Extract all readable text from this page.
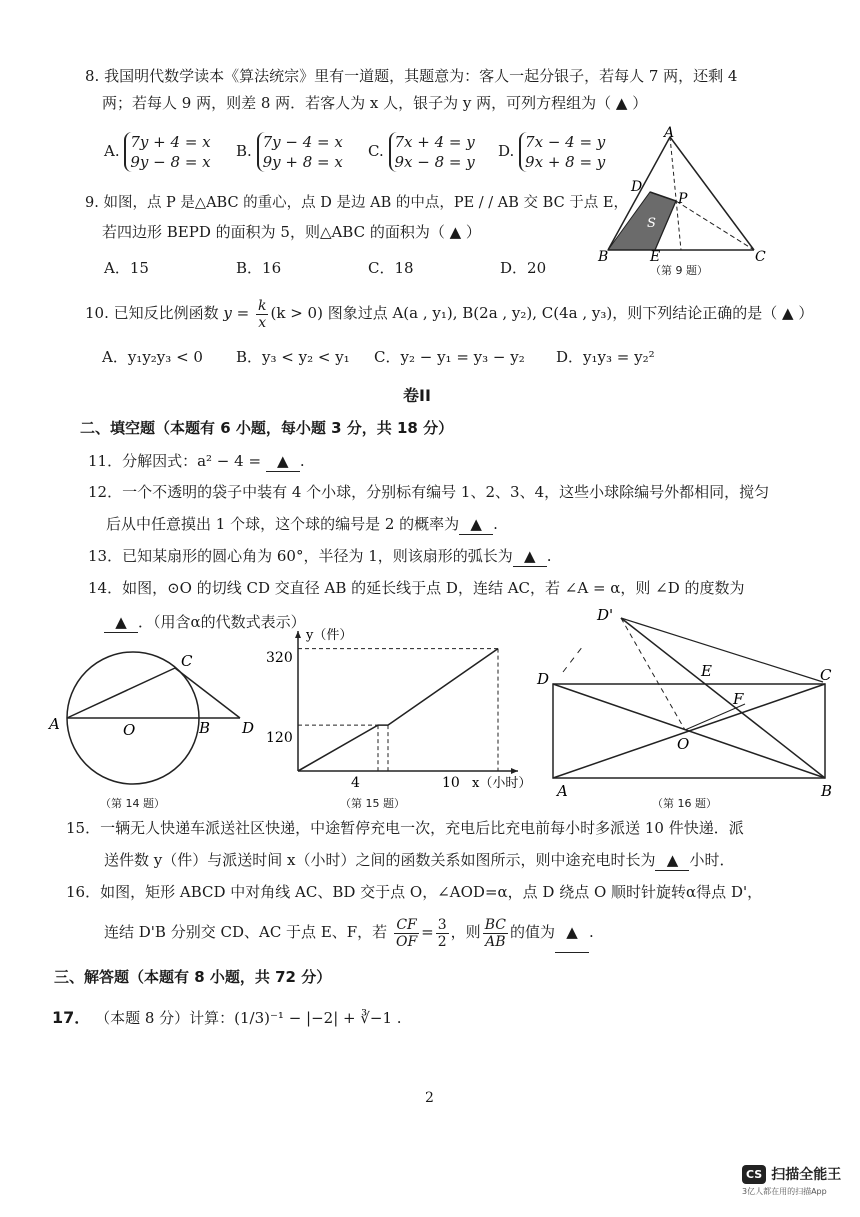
8. 我国明代数学读本《算法统宗》里有一道题，其题意为：客人一起分银子，若每人 7 两，还剩 4
两；若每人 9 两，则差 8 两．若客人为 x 人，银子为 y 两，可列方程组为（ ▲ ）
A. 7y + 4 = x
9y − 8 = x
B. 7y − 4 = x
9y + 8 = x
C. 7x + 4 = y
9x − 8 = y
D. 7x − 4 = y
9x + 8 = y
9. 如图，点 P 是△ABC 的重心，点 D 是边 AB 的中点，PE / / AB 交 BC 于点 E，
若四边形 BEPD 的面积为 5，则△ABC 的面积为（ ▲ ）
A．15	B．16	C．18	D．20
A
D
P
B	E	C
S
（第 9 题）
10. 已知反比例函数 $y = \frac{k}{x} (k > 0)$ 图象过点 A(a , y₁), B(2a , y₂), C(4a , y₃)，则下列结论正确的是（ ▲ ）
A．y₁y₂y₃ < 0 B．y₃ < y₂ < y₁ C．y₂ − y₁ = y₃ − y₂ D．y₁y₃ = y₂²
卷II
二、填空题（本题有 6 小题，每小题 3 分，共 18 分）
11．分解因式：a² − 4 = ▲ .
12．一个不透明的袋子中装有 4 个小球，分别标有编号 1、2、3、4，这些小球除编号外都相同，搅匀
后从中任意摸出 1 个球，这个球的编号是 2 的概率为 ▲ .
13．已知某扇形的圆心角为 60°，半径为 1，则该扇形的弧长为 ▲ .
14．如图，⊙O 的切线 CD 交直径 AB 的延长线于点 D，连结 AC，若 ∠A = α，则 ∠D 的度数为
▲ ．（用含α的代数式表示）
A	O	B D
C
（第 14 题）
y（件）
x（小时）
320
120
4	10
（第 15 题）
D'
D	E	C
F
O
A	B
（第 16 题）
15．一辆无人快递车派送社区快递，中途暂停充电一次，充电后比充电前每小时多派送 10 件快递．派
送件数 y（件）与派送时间 x（小时）之间的函数关系如图所示，则中途充电时长为 ▲ 小时．
16．如图，矩形 ABCD 中对角线 AC、BD 交于点 O，∠AOD=α，点 D 绕点 O 顺时针旋转α得点 D'，
连结 D'B 分别交 CD、AC 于点 E、F，若 $\frac{CF}{OF} = \frac{3}{2}$ ，则 $\frac{BC}{AB}$ 的值为 ▲ .
三、解答题（本题有 8 小题，共 72 分）
17． （本题 8 分）计算：(1/3)⁻¹ − |−2| + ∛−1 .
2
CS 扫描全能王
3亿人都在用的扫描App
